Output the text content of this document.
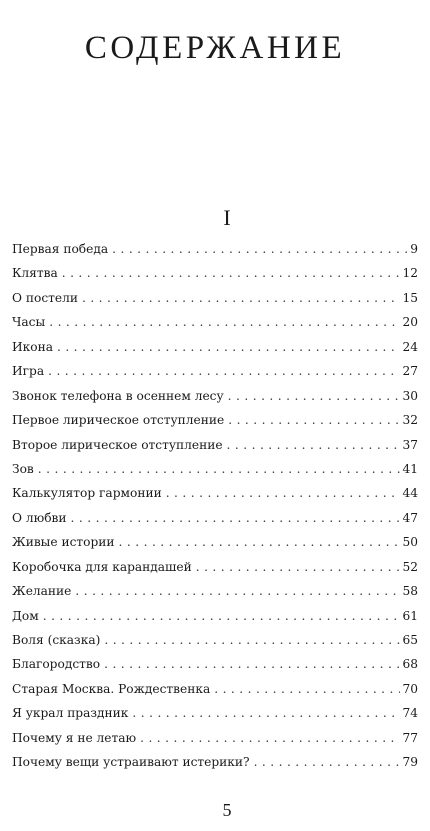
СОДЕРЖАНИЕ
I
Первая победа . . .	9
Клятва . . .	12
О постели . . .	15
Часы . . .	20
Икона . . .	24
Игра . . .	27
Звонок телефона в осеннем лесу . . .	30
Первое лирическое отступление . . .	32
Второе лирическое отступление . . .	37
Зов . . .	41
Калькулятор гармонии . . .	44
О любви . . .	47
Живые истории . . .	50
Коробочка для карандашей . . .	52
Желание . . .	58
Дом . . .	61
Воля (сказка) . . .	65
Благородство . . .	68
Старая Москва. Рождественка . . .	70
Я украл праздник . . .	74
Почему я не летаю . . .	77
Почему вещи устраивают истерики? . . .	79
5
